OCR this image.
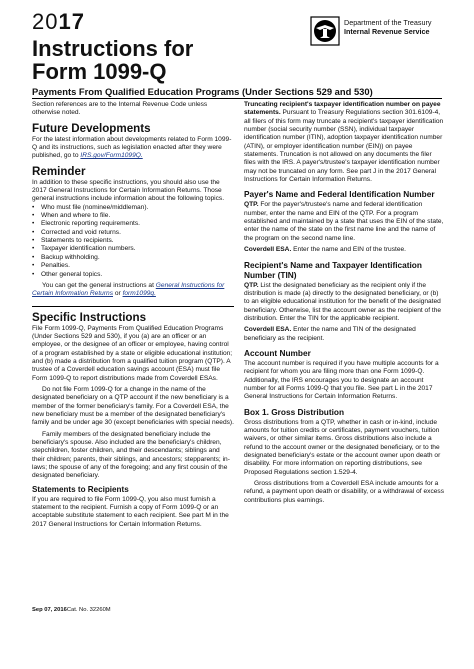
2017
Instructions for
Form 1099-Q
Payments From Qualified Education Programs (Under Sections 529 and 530)
Department of the Treasury
Internal Revenue Service

Section references are to the Internal Revenue Code unless otherwise noted.

Future Developments

For the latest information about developments related to Form 1099-Q and its instructions, such as legislation enacted after they were published, go to IRS.gov/Form1099Q.

Reminder

In addition to these specific instructions, you should also use the 2017 General Instructions for Certain Information Returns. Those general instructions include information about the following topics.

• Who must file (nominee/middleman).
• When and where to file.
• Electronic reporting requirements.
• Corrected and void returns.
• Statements to recipients.
• Taxpayer identification numbers.
• Backup withholding.
• Penalties.
• Other general topics.

You can get the general instructions at General Instructions for Certain Information Returns or form1099q.

Specific Instructions

File Form 1099-Q, Payments From Qualified Education Programs (Under Sections 529 and 530), if you (a) are an officer or an employee, or the designee of an officer or employee, having control of a program established by a state or eligible educational institution; and (b) made a distribution from a qualified tuition program (QTP). A trustee of a Coverdell education savings account (ESA) must file Form 1099-Q to report distributions made from Coverdell ESAs.

Do not file Form 1099-Q for a change in the name of the designated beneficiary on a QTP account if the new beneficiary is a member of the former beneficiary's family. For a Coverdell ESA, the new beneficiary must be a member of the designated beneficiary's family and be under age 30 (except beneficiaries with special needs).

Family members of the designated beneficiary include the beneficiary's spouse. Also included are the beneficiary's children, stepchildren, foster children, and their descendants; siblings and their children; parents, their siblings, and ancestors; stepparents; in-laws; the spouse of any of the foregoing; and any first cousin of the designated beneficiary.

Statements to Recipients

If you are required to file Form 1099-Q, you also must furnish a statement to the recipient. Furnish a copy of Form 1099-Q or an acceptable substitute statement to each recipient. See part M in the 2017 General Instructions for Certain Information Returns.

Truncating recipient's taxpayer identification number on payee statements. Pursuant to Treasury Regulations section 301.6109-4, all filers of this form may truncate a recipient's taxpayer identification number (social security number (SSN), individual taxpayer identification number (ITIN), adoption taxpayer identification number (ATIN), or employer identification number (EIN)) on payee statements. Truncation is not allowed on any documents the filer files with the IRS. A payer's/trustee's taxpayer identification number may not be truncated on any form. See part J in the 2017 General Instructions for Certain Information Returns.

Payer's Name and Federal Identification Number

QTP. For the payer's/trustee's name and federal identification number, enter the name and EIN of the QTP. For a program established and maintained by a state that uses the EIN of the state, enter the name of the state on the first name line and the name of the program on the second name line.

Coverdell ESA. Enter the name and EIN of the trustee.

Recipient's Name and Taxpayer Identification Number (TIN)

QTP. List the designated beneficiary as the recipient only if the distribution is made (a) directly to the designated beneficiary, or (b) to an eligible educational institution for the benefit of the designated beneficiary. Otherwise, list the account owner as the recipient of the distribution. Enter the TIN for the applicable recipient.

Coverdell ESA. Enter the name and TIN of the designated beneficiary as the recipient.

Account Number

The account number is required if you have multiple accounts for a recipient for whom you are filing more than one Form 1099-Q. Additionally, the IRS encourages you to designate an account number for all Forms 1099-Q that you file. See part L in the 2017 General Instructions for Certain Information Returns.

Box 1. Gross Distribution

Gross distributions from a QTP, whether in cash or in-kind, include amounts for tuition credits or certificates, payment vouchers, tuition waivers, or other similar items. Gross distributions also include a refund to the account owner or the designated beneficiary, or to the designated beneficiary's estate or the account owner upon death or disability. For more information on reporting distributions, see Proposed Regulations section 1.529-4.

Gross distributions from a Coverdell ESA include amounts for a refund, a payment upon death or disability, or a withdrawal of excess contributions plus earnings.

Sep 07, 2016Cat. No. 32260M
